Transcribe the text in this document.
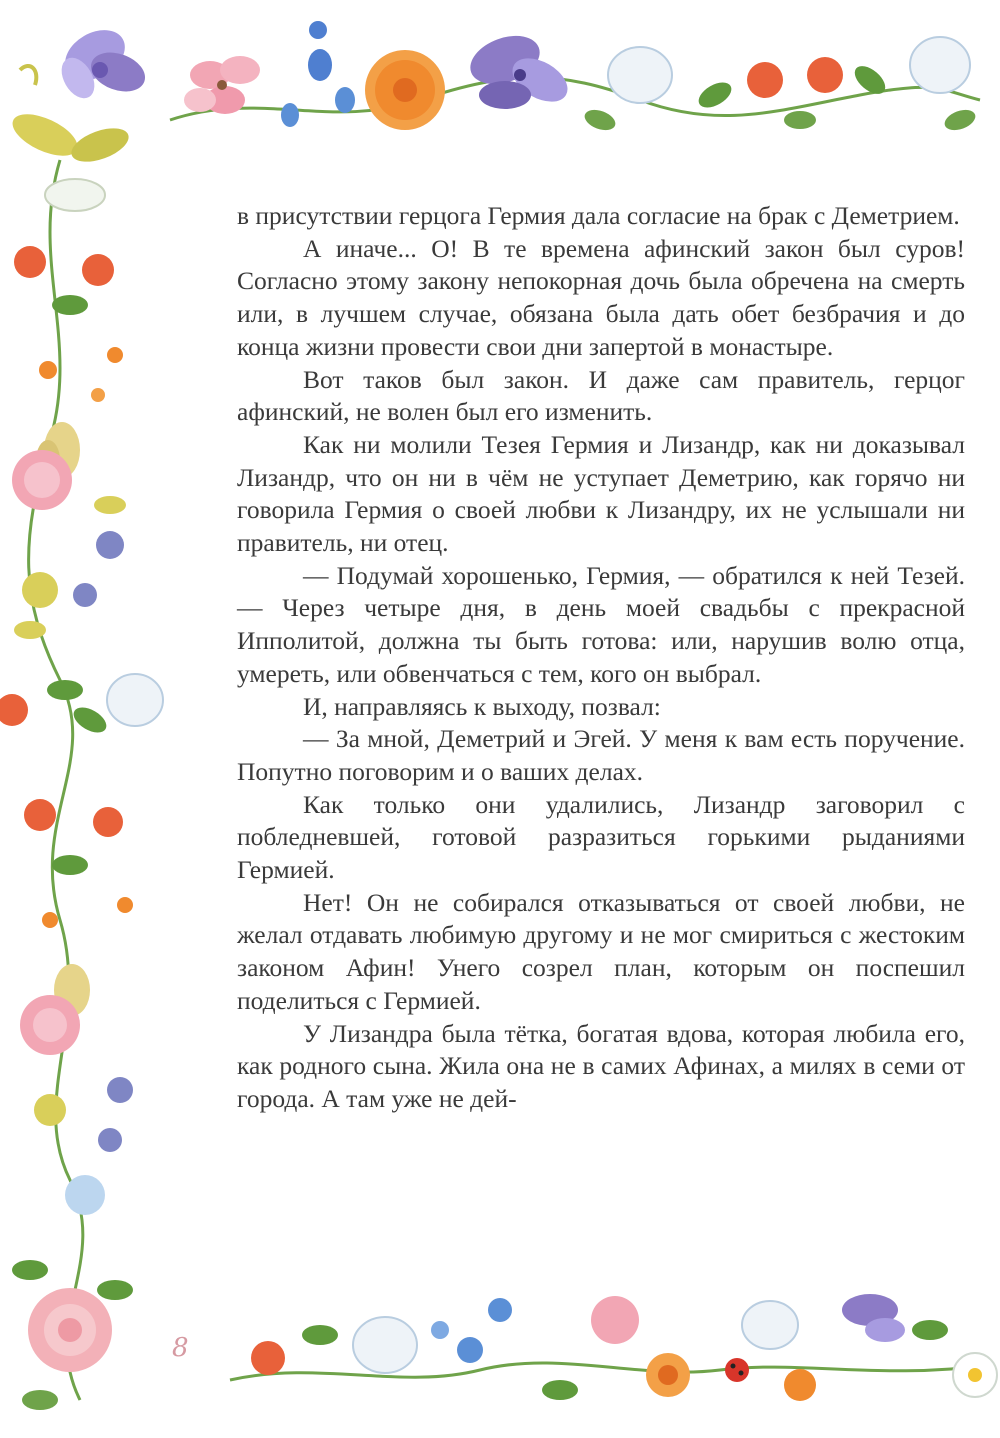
в присутствии герцога Гермия дала согласие на брак с Деметрием.

А иначе... О! В те времена афинский закон был суров! Согласно этому закону непокорная дочь была обречена на смерть или, в лучшем случае, обязана была дать обет безбрачия и до конца жизни провести свои дни запертой в монастыре.

Вот таков был закон. И даже сам правитель, герцог афинский, не волен был его изменить.

Как ни молили Тезея Гермия и Лизандр, как ни доказывал Лизандр, что он ни в чём не уступает Деметрию, как горячо ни говорила Гермия о своей любви к Лизандру, их не услышали ни правитель, ни отец.

— Подумай хорошенько, Гермия, — обратился к ней Тезей. — Через четыре дня, в день моей свадьбы с прекрасной Ипполитой, должна ты быть готова: или, нарушив волю отца, умереть, или обвенчаться с тем, кого он выбрал.

И, направляясь к выходу, позвал:

— За мной, Деметрий и Эгей. У меня к вам есть поручение. Попутно поговорим и о ваших делах.

Как только они удалились, Лизандр заговорил с побледневшей, готовой разразиться горькими рыданиями Гермией.

Нет! Он не собирался отказываться от своей любви, не желал отдавать любимую другому и не мог смириться с жестоким законом Афин! Унего созрел план, которым он поспешил поделиться с Гермией.

У Лизандра была тётка, богатая вдова, которая любила его, как родного сына. Жила она не в самих Афинах, а милях в семи от города. А там уже не дей-

8
